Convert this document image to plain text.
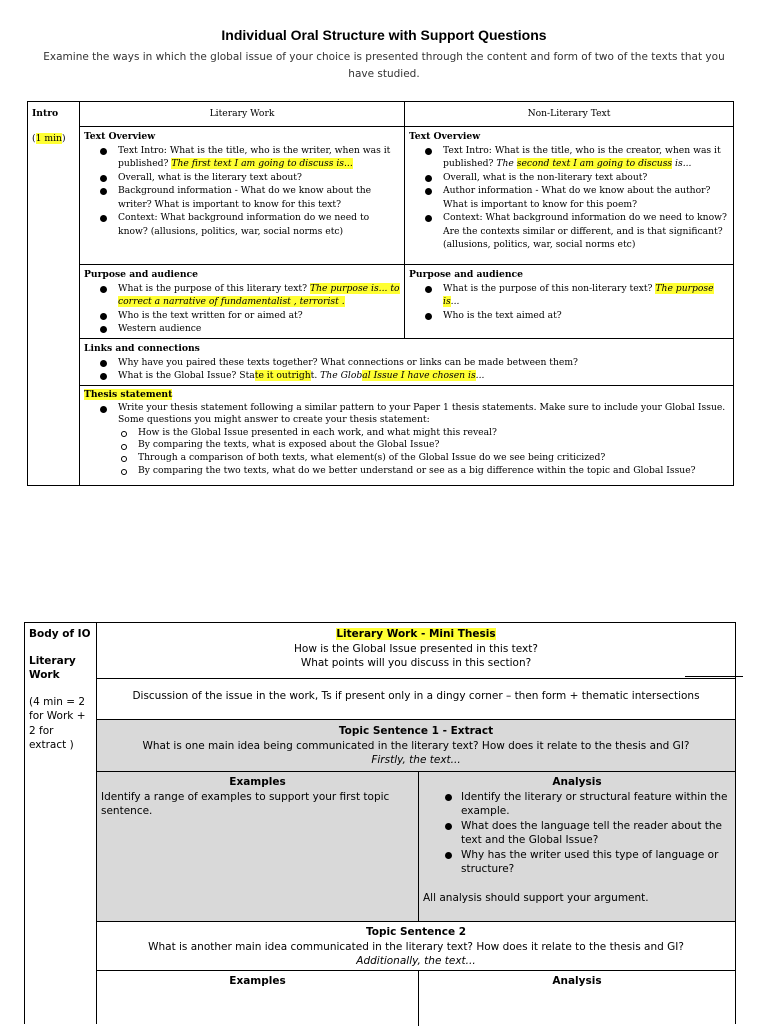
Individual Oral Structure with Support Questions
Examine the ways in which the global issue of your choice is presented through the content and form of two of the texts that you have studied.
Intro
(1 min)
Literary Work	Non-Literary Text
Text Overview
Text Intro: What is the title, who is the writer, when was it published? The first text I am going to discuss is...
Overall, what is the literary text about?
Background information - What do we know about the writer? What is important to know for this text?
Context: What background information do we need to know? (allusions, politics, war, social norms etc)
Text Overview
Text Intro: What is the title, who is the creator, when was it published? The second text I am going to discuss is...
Overall, what is the non-literary text about?
Author information - What do we know about the author? What is important to know for this poem?
Context: What background information do we need to know? Are the contexts similar or different, and is that significant? (allusions, politics, war, social norms etc)
Purpose and audience
What is the purpose of this literary text? The purpose is... to correct a narrative of fundamentalist , terrorist .
Who is the text written for or aimed at?
Western audience
Purpose and audience
What is the purpose of this non-literary text? The purpose is...
Who is the text aimed at?
Links and connections
Why have you paired these texts together? What connections or links can be made between them?
What is the Global Issue? State it outright. The Global Issue I have chosen is...
Thesis statement
Write your thesis statement following a similar pattern to your Paper 1 thesis statements. Make sure to include your Global Issue.
Some questions you might answer to create your thesis statement:
How is the Global Issue presented in each work, and what might this reveal?
By comparing the texts, what is exposed about the Global Issue?
Through a comparison of both texts, what element(s) of the Global Issue do we see being criticized?
By comparing the two texts, what do we better understand or see as a big difference within the topic and Global Issue?

Body of IO

Literary Work

(4 min = 2 for Work + 2 for extract )

Literary Work - Mini Thesis
How is the Global Issue presented in this text?
What points will you discuss in this section?
Discussion of the issue in the work, Ts if present only in a dingy corner – then form + thematic intersections
Topic Sentence 1 - Extract
What is one main idea being communicated in the literary text? How does it relate to the thesis and GI?
Firstly, the text...
Examples
Identify a range of examples to support your first topic sentence.
Analysis
Identify the literary or structural feature within the example.
What does the language tell the reader about the text and the Global Issue?
Why has the writer used this type of language or structure?
All analysis should support your argument.
Topic Sentence 2
What is another main idea communicated in the literary text? How does it relate to the thesis and GI?
Additionally, the text...
Examples	Analysis
